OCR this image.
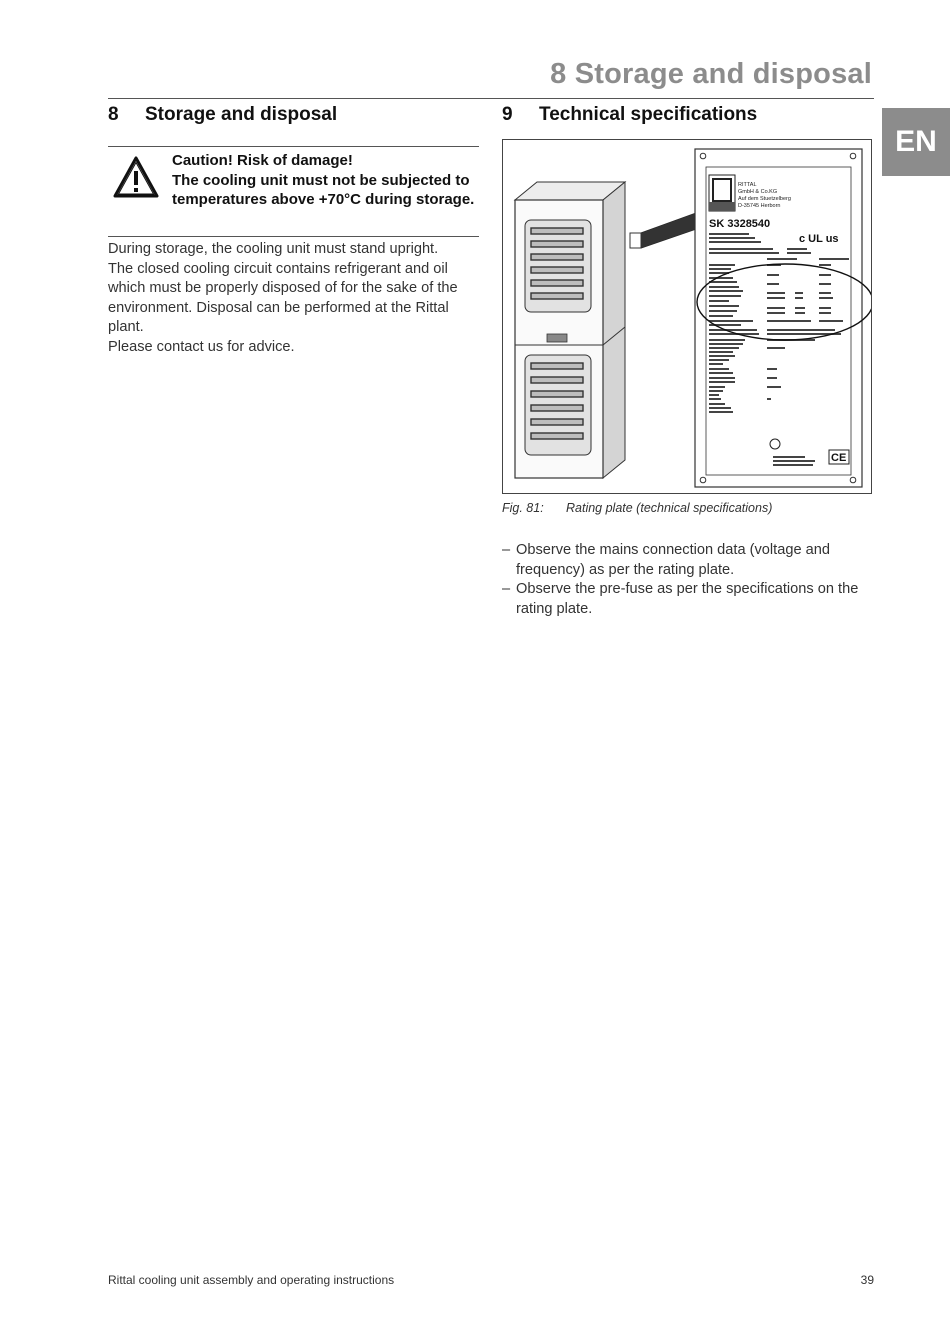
8 Storage and disposal
EN
8 Storage and disposal
Caution! Risk of damage!
The cooling unit must not be subjected to temperatures above +70°C during storage.

During storage, the cooling unit must stand upright.

The closed cooling circuit contains refrigerant and oil which must be properly disposed of for the sake of the environment. Disposal can be performed at the Rittal plant.

Please contact us for advice.

9 Technical specifications
RITTAL
GmbH & Co.KG
Auf dem Stuetzelberg
D-35745 Herborn
SK 3328540
c UL us
CE
Fig. 81: Rating plate (technical specifications)
– Observe the mains connection data (voltage and frequency) as per the rating plate.
– Observe the pre-fuse as per the specifications on the rating plate.
Rittal cooling unit assembly and operating instructions	39
